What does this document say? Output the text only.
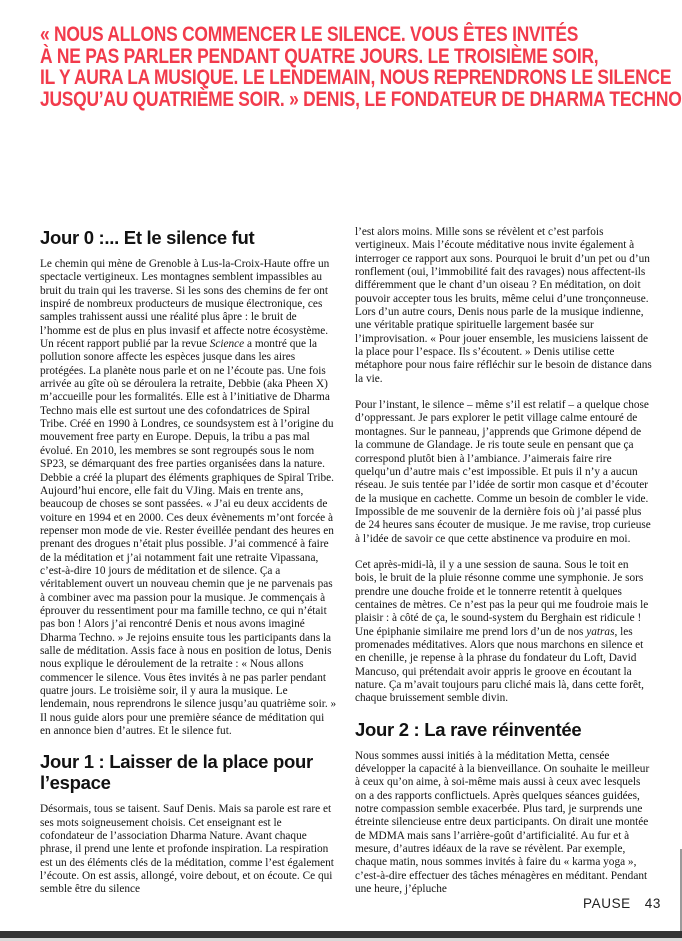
« NOUS ALLONS COMMENCER LE SILENCE. VOUS ÊTES INVITÉS
À NE PAS PARLER PENDANT QUATRE JOURS. LE TROISIÈME SOIR,
IL Y AURA LA MUSIQUE. LE LENDEMAIN, NOUS REPRENDRONS LE SILENCE
JUSQU’AU QUATRIÈME SOIR. » DENIS, LE FONDATEUR DE DHARMA TECHNO
Jour 0 :... Et le silence fut

Le chemin qui mène de Grenoble à Lus-la-Croix-Haute offre un spectacle vertigineux. Les montagnes semblent impassibles au bruit du train qui les traverse. Si les sons des chemins de fer ont inspiré de nombreux producteurs de musique électronique, ces samples trahissent aussi une réalité plus âpre : le bruit de l’homme est de plus en plus invasif et affecte notre écosystème. Un récent rapport publié par la revue Science a montré que la pollution sonore affecte les espèces jusque dans les aires protégées. La planète nous parle et on ne l’écoute pas. Une fois arrivée au gîte où se déroulera la retraite, Debbie (aka Pheen X) m’accueille pour les formalités. Elle est à l’initiative de Dharma Techno mais elle est surtout une des cofondatrices de Spiral Tribe. Créé en 1990 à Londres, ce soundsystem est à l’origine du mouvement free party en Europe. Depuis, la tribu a pas mal évolué. En 2010, les membres se sont regroupés sous le nom SP23, se démarquant des free parties organisées dans la nature. Debbie a créé la plupart des éléments graphiques de Spiral Tribe. Aujourd’hui encore, elle fait du VJing. Mais en trente ans, beaucoup de choses se sont passées. « J’ai eu deux accidents de voiture en 1994 et en 2000. Ces deux évènements m’ont forcée à repenser mon mode de vie. Rester éveillée pendant des heures en prenant des drogues n’était plus possible. J’ai commencé à faire de la méditation et j’ai notamment fait une retraite Vipassana, c’est-à-dire 10 jours de méditation et de silence. Ça a véritablement ouvert un nouveau chemin que je ne parvenais pas à combiner avec ma passion pour la musique. Je commençais à éprouver du ressentiment pour ma famille techno, ce qui n’était pas bon ! Alors j’ai rencontré Denis et nous avons imaginé Dharma Techno. » Je rejoins ensuite tous les participants dans la salle de méditation. Assis face à nous en position de lotus, Denis nous explique le déroulement de la retraite : « Nous allons commencer le silence. Vous êtes invités à ne pas parler pendant quatre jours. Le troisième soir, il y aura la musique. Le lendemain, nous reprendrons le silence jusqu’au quatrième soir. » Il nous guide alors pour une première séance de méditation qui en annonce bien d’autres. Et le silence fut.

Jour 1 : Laisser de la place pour l’espace

Désormais, tous se taisent. Sauf Denis. Mais sa parole est rare et ses mots soigneusement choisis. Cet enseignant est le cofondateur de l’association Dharma Nature. Avant chaque phrase, il prend une lente et profonde inspiration. La respiration est un des éléments clés de la méditation, comme l’est également l’écoute. On est assis, allongé, voire debout, et on écoute. Ce qui semble être du silence

l’est alors moins. Mille sons se révèlent et c’est parfois vertigineux. Mais l’écoute méditative nous invite également à interroger ce rapport aux sons. Pourquoi le bruit d’un pet ou d’un ronflement (oui, l’immobilité fait des ravages) nous affectent-ils différemment que le chant d’un oiseau ? En méditation, on doit pouvoir accepter tous les bruits, même celui d’une tronçonneuse. Lors d’un autre cours, Denis nous parle de la musique indienne, une véritable pratique spirituelle largement basée sur l’improvisation. « Pour jouer ensemble, les musiciens laissent de la place pour l’espace. Ils s’écoutent. » Denis utilise cette métaphore pour nous faire réfléchir sur le besoin de distance dans la vie.

Pour l’instant, le silence – même s’il est relatif – a quelque chose d’oppressant. Je pars explorer le petit village calme entouré de montagnes. Sur le panneau, j’apprends que Grimone dépend de la commune de Glandage. Je ris toute seule en pensant que ça correspond plutôt bien à l’ambiance. J’aimerais faire rire quelqu’un d’autre mais c’est impossible. Et puis il n’y a aucun réseau. Je suis tentée par l’idée de sortir mon casque et d’écouter de la musique en cachette. Comme un besoin de combler le vide. Impossible de me souvenir de la dernière fois où j’ai passé plus de 24 heures sans écouter de musique. Je me ravise, trop curieuse à l’idée de savoir ce que cette abstinence va produire en moi.

Cet après-midi-là, il y a une session de sauna. Sous le toit en bois, le bruit de la pluie résonne comme une symphonie. Je sors prendre une douche froide et le tonnerre retentit à quelques centaines de mètres. Ce n’est pas la peur qui me foudroie mais le plaisir : à côté de ça, le sound-system du Berghain est ridicule ! Une épiphanie similaire me prend lors d’un de nos yatras, les promenades méditatives. Alors que nous marchons en silence et en chenille, je repense à la phrase du fondateur du Loft, David Mancuso, qui prétendait avoir appris le groove en écoutant la nature. Ça m’avait toujours paru cliché mais là, dans cette forêt, chaque bruissement semble divin.

Jour 2 : La rave réinventée

Nous sommes aussi initiés à la méditation Metta, censée développer la capacité à la bienveillance. On souhaite le meilleur à ceux qu’on aime, à soi-même mais aussi à ceux avec lesquels on a des rapports conflictuels. Après quelques séances guidées, notre compassion semble exacerbée. Plus tard, je surprends une étreinte silencieuse entre deux participants. On dirait une montée de MDMA mais sans l’arrière-goût d’artificialité. Au fur et à mesure, d’autres idéaux de la rave se révèlent. Par exemple, chaque matin, nous sommes invités à faire du « karma yoga », c’est-à-dire effectuer des tâches ménagères en méditant. Pendant une heure, j’épluche

PAUSE 43
